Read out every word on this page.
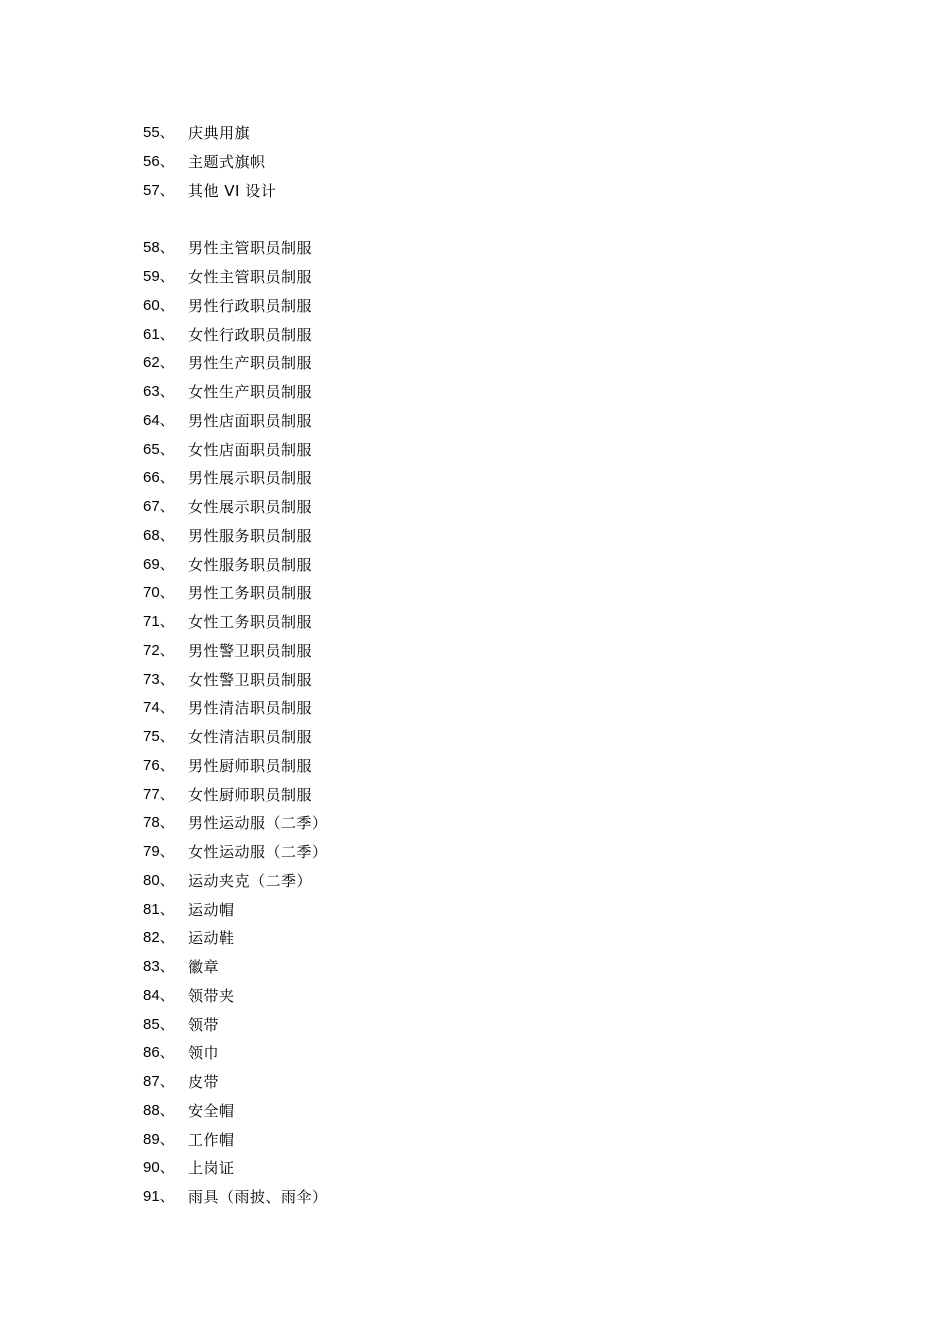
55、 庆典用旗
56、 主题式旗帜
57、 其他 VI 设计
58、 男性主管职员制服
59、 女性主管职员制服
60、 男性行政职员制服
61、 女性行政职员制服
62、 男性生产职员制服
63、 女性生产职员制服
64、 男性店面职员制服
65、 女性店面职员制服
66、 男性展示职员制服
67、 女性展示职员制服
68、 男性服务职员制服
69、 女性服务职员制服
70、 男性工务职员制服
71、 女性工务职员制服
72、 男性警卫职员制服
73、 女性警卫职员制服
74、 男性清洁职员制服
75、 女性清洁职员制服
76、 男性厨师职员制服
77、 女性厨师职员制服
78、 男性运动服（二季）
79、 女性运动服（二季）
80、 运动夹克（二季）
81、 运动帽
82、 运动鞋
83、 徽章
84、 领带夹
85、 领带
86、 领巾
87、 皮带
88、 安全帽
89、 工作帽
90、 上岗证
91、 雨具（雨披、雨伞）
